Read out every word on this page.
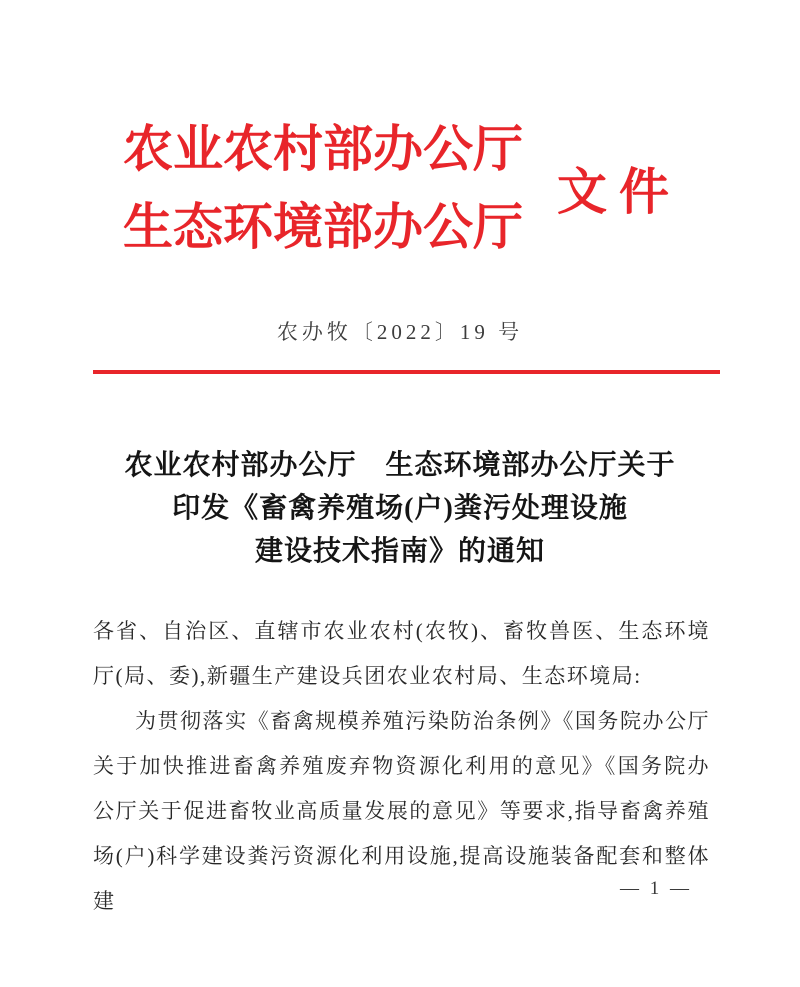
农业农村部办公厅
生态环境部办公厅
文件
农办牧〔2022〕19 号
农业农村部办公厅　生态环境部办公厅关于
印发《畜禽养殖场(户)粪污处理设施
建设技术指南》的通知

各省、自治区、直辖市农业农村(农牧)、畜牧兽医、生态环境厅(局、委),新疆生产建设兵团农业农村局、生态环境局:

为贯彻落实《畜禽规模养殖污染防治条例》《国务院办公厅关于加快推进畜禽养殖废弃物资源化利用的意见》《国务院办公厅关于促进畜牧业高质量发展的意见》等要求,指导畜禽养殖场(户)科学建设粪污资源化利用设施,提高设施装备配套和整体建

— 1 —
